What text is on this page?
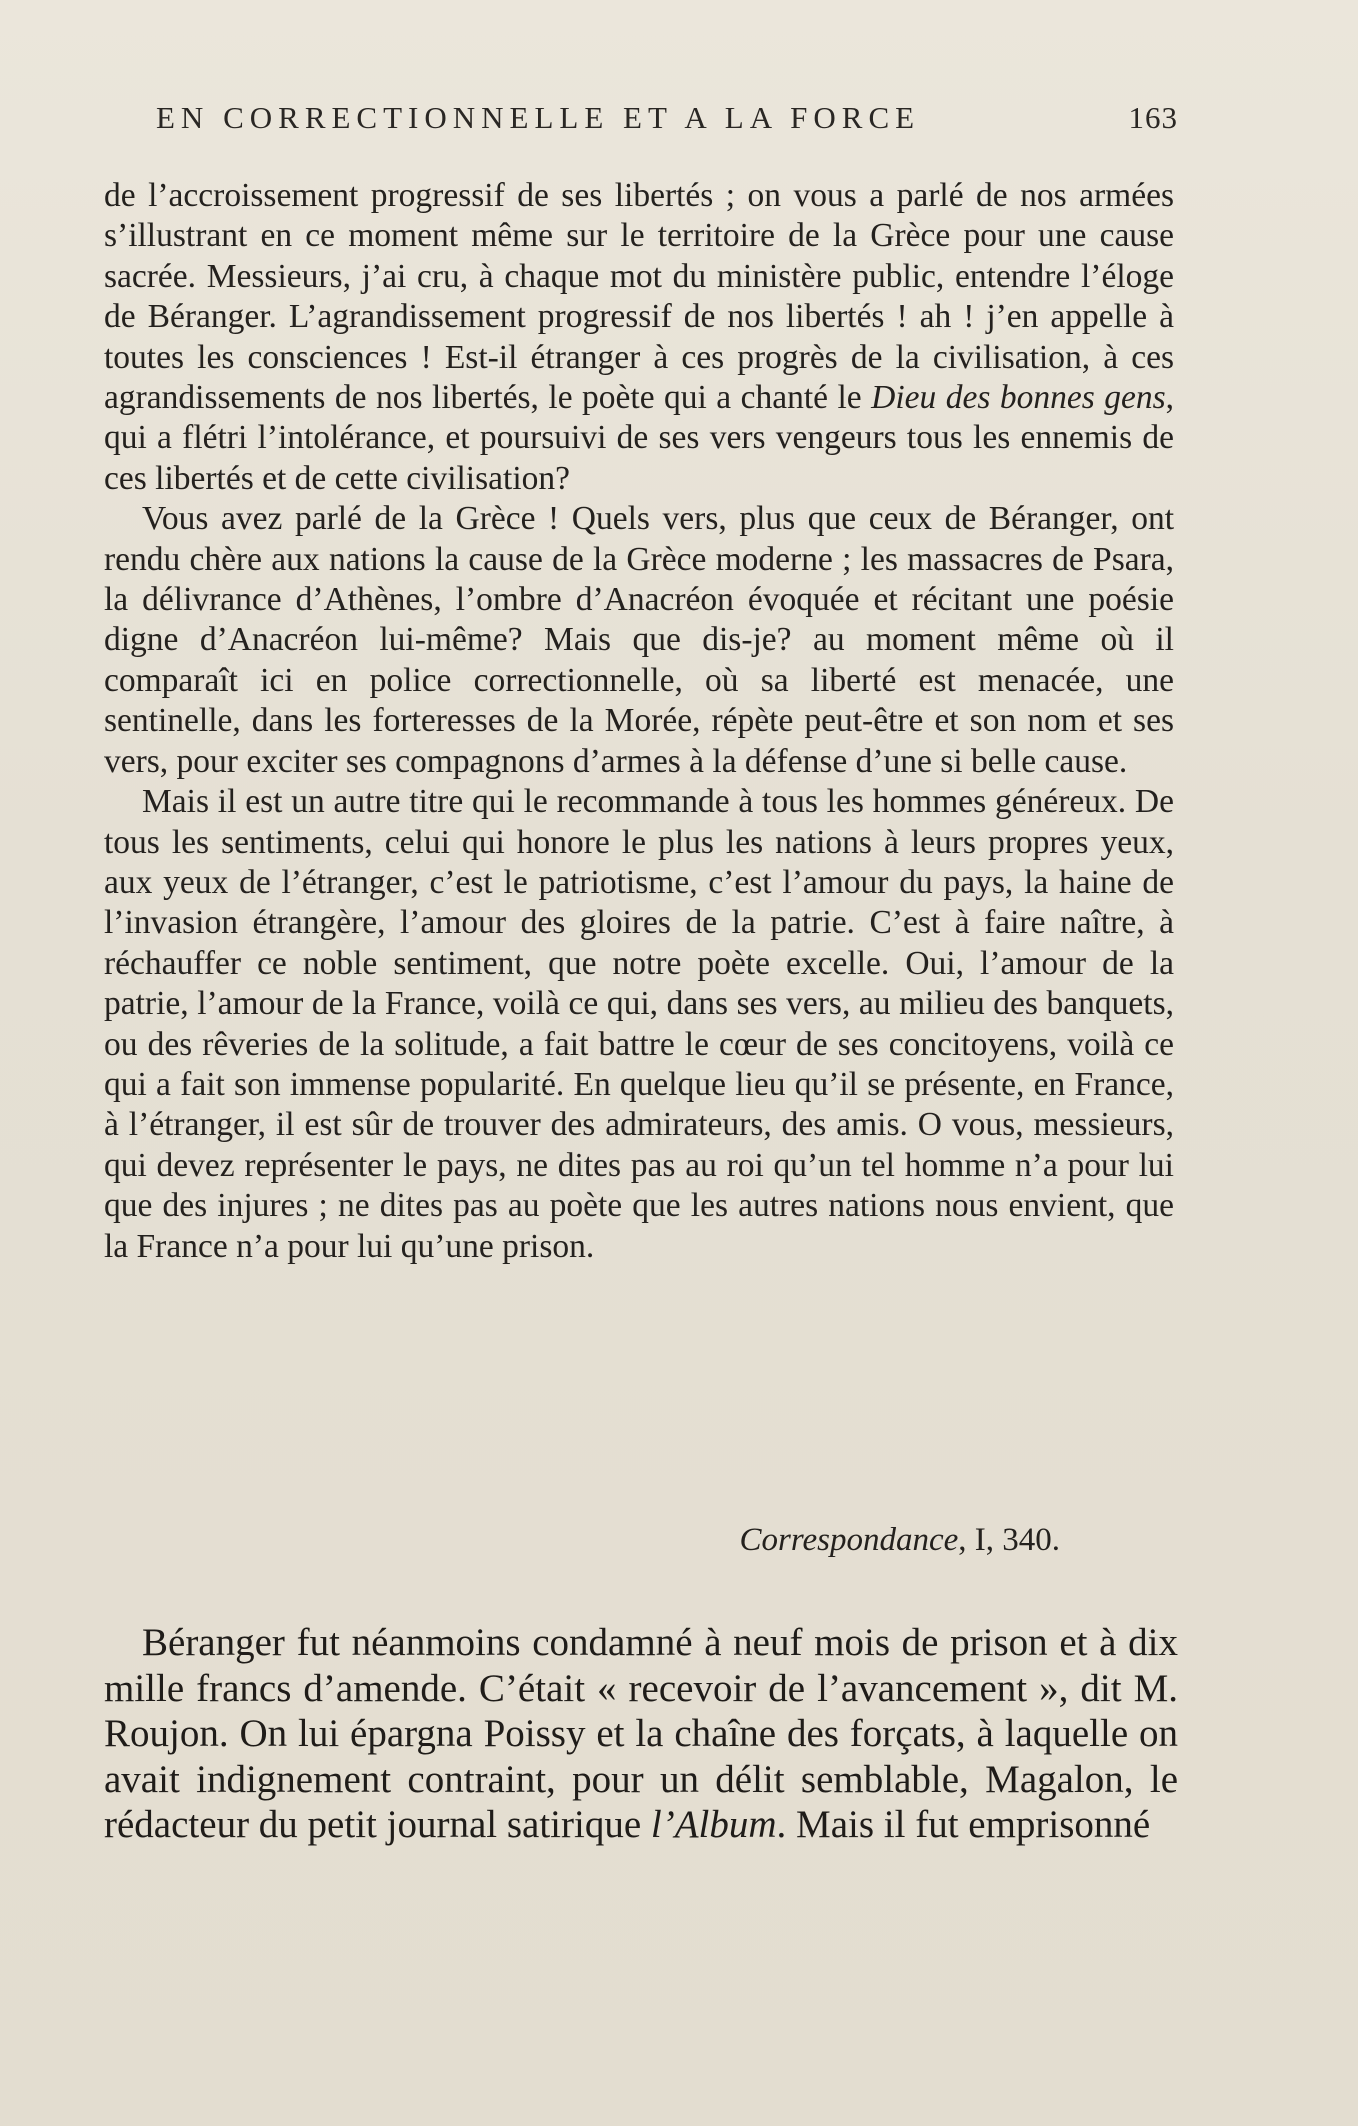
EN CORRECTIONNELLE ET A LA FORCE	163

de l’accroissement progressif de ses libertés ; on vous a parlé de nos armées s’illustrant en ce moment même sur le territoire de la Grèce pour une cause sacrée. Messieurs, j’ai cru, à chaque mot du ministère public, entendre l’éloge de Béranger. L’agrandissement progressif de nos libertés ! ah ! j’en appelle à toutes les consciences ! Est-il étranger à ces progrès de la civilisation, à ces agrandissements de nos libertés, le poète qui a chanté le Dieu des bonnes gens, qui a flétri l’intolérance, et poursuivi de ses vers vengeurs tous les ennemis de ces libertés et de cette civilisation?

Vous avez parlé de la Grèce ! Quels vers, plus que ceux de Béranger, ont rendu chère aux nations la cause de la Grèce moderne ; les massacres de Psara, la délivrance d’Athènes, l’ombre d’Anacréon évoquée et récitant une poésie digne d’Anacréon lui-même? Mais que dis-je? au moment même où il comparaît ici en police correctionnelle, où sa liberté est menacée, une sentinelle, dans les forteresses de la Morée, répète peut-être et son nom et ses vers, pour exciter ses compagnons d’armes à la défense d’une si belle cause.

Mais il est un autre titre qui le recommande à tous les hommes généreux. De tous les sentiments, celui qui honore le plus les nations à leurs propres yeux, aux yeux de l’étranger, c’est le patriotisme, c’est l’amour du pays, la haine de l’invasion étrangère, l’amour des gloires de la patrie. C’est à faire naître, à réchauffer ce noble sentiment, que notre poète excelle. Oui, l’amour de la patrie, l’amour de la France, voilà ce qui, dans ses vers, au milieu des banquets, ou des rêveries de la solitude, a fait battre le cœur de ses concitoyens, voilà ce qui a fait son immense popularité. En quelque lieu qu’il se présente, en France, à l’étranger, il est sûr de trouver des admirateurs, des amis. O vous, messieurs, qui devez représenter le pays, ne dites pas au roi qu’un tel homme n’a pour lui que des injures ; ne dites pas au poète que les autres nations nous envient, que la France n’a pour lui qu’une prison.

Correspondance, I, 340.

Béranger fut néanmoins condamné à neuf mois de prison et à dix mille francs d’amende. C’était « recevoir de l’avancement », dit M. Roujon. On lui épargna Poissy et la chaîne des forçats, à laquelle on avait indignement contraint, pour un délit semblable, Magalon, le rédacteur du petit journal satirique l’Album. Mais il fut emprisonné
